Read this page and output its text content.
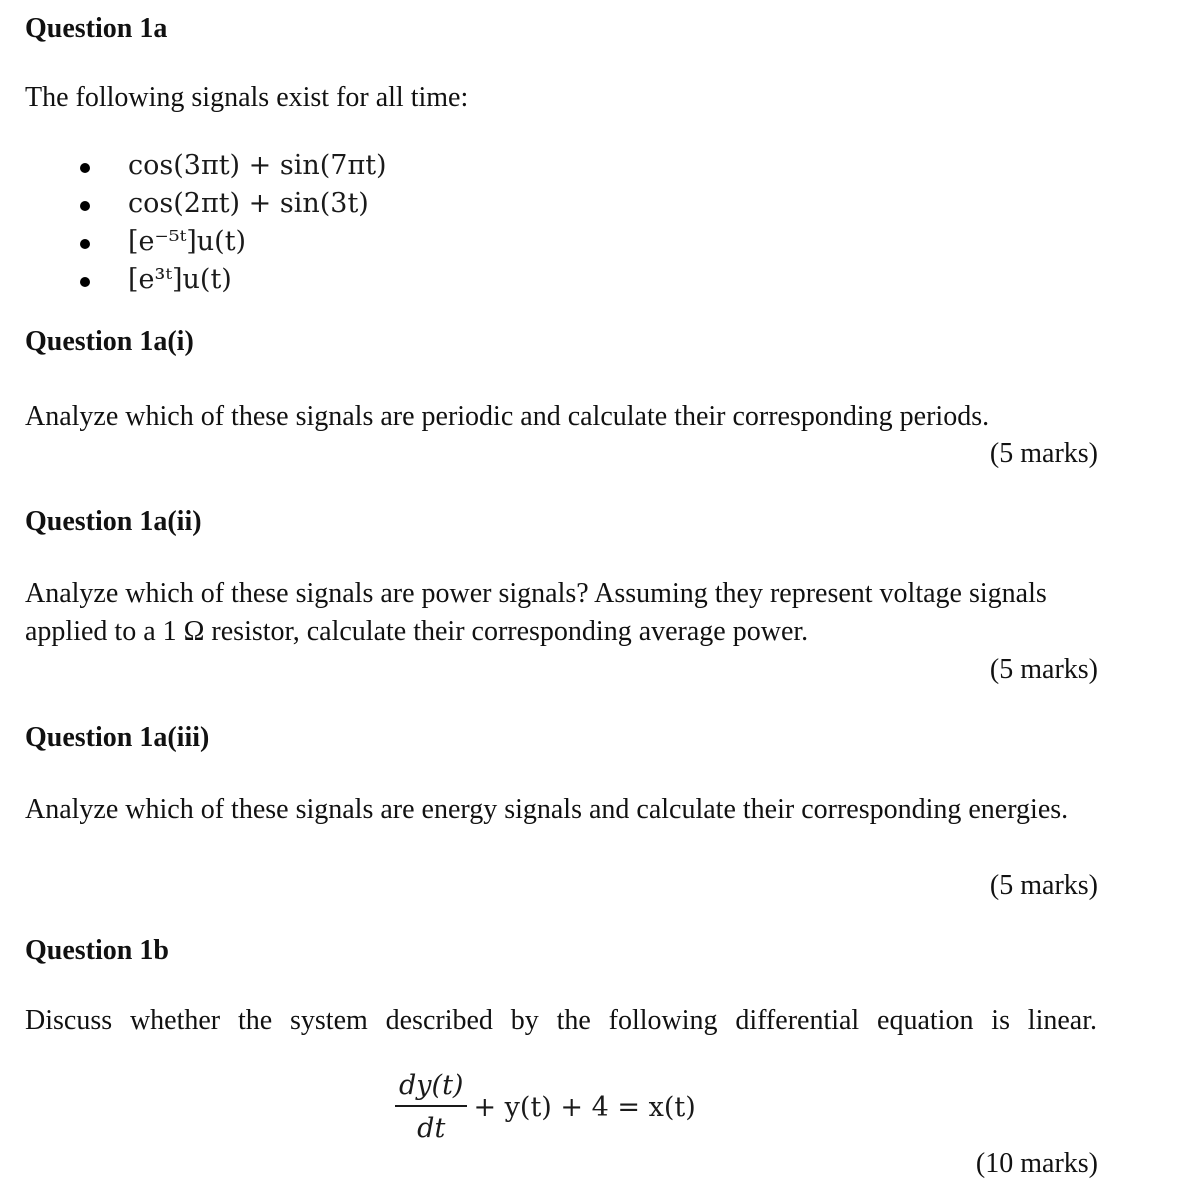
Question 1a

The following signals exist for all time:

cos(3πt) + sin(7πt)
cos(2πt) + sin(3t)
[e⁻⁵ᵗ]u(t)
[e³ᵗ]u(t)
Question 1a(i)

Analyze which of these signals are periodic and calculate their corresponding periods.

(5 marks)
Question 1a(ii)

Analyze which of these signals are power signals? Assuming they represent voltage signals applied to a 1 Ω resistor, calculate their corresponding average power.

(5 marks)
Question 1a(iii)

Analyze which of these signals are energy signals and calculate their corresponding energies.

(5 marks)
Question 1b

Discuss whether the system described by the following differential equation is linear.

$\frac{dy(t)}{dt} + y(t) + 4 = x(t)$
(10 marks)
